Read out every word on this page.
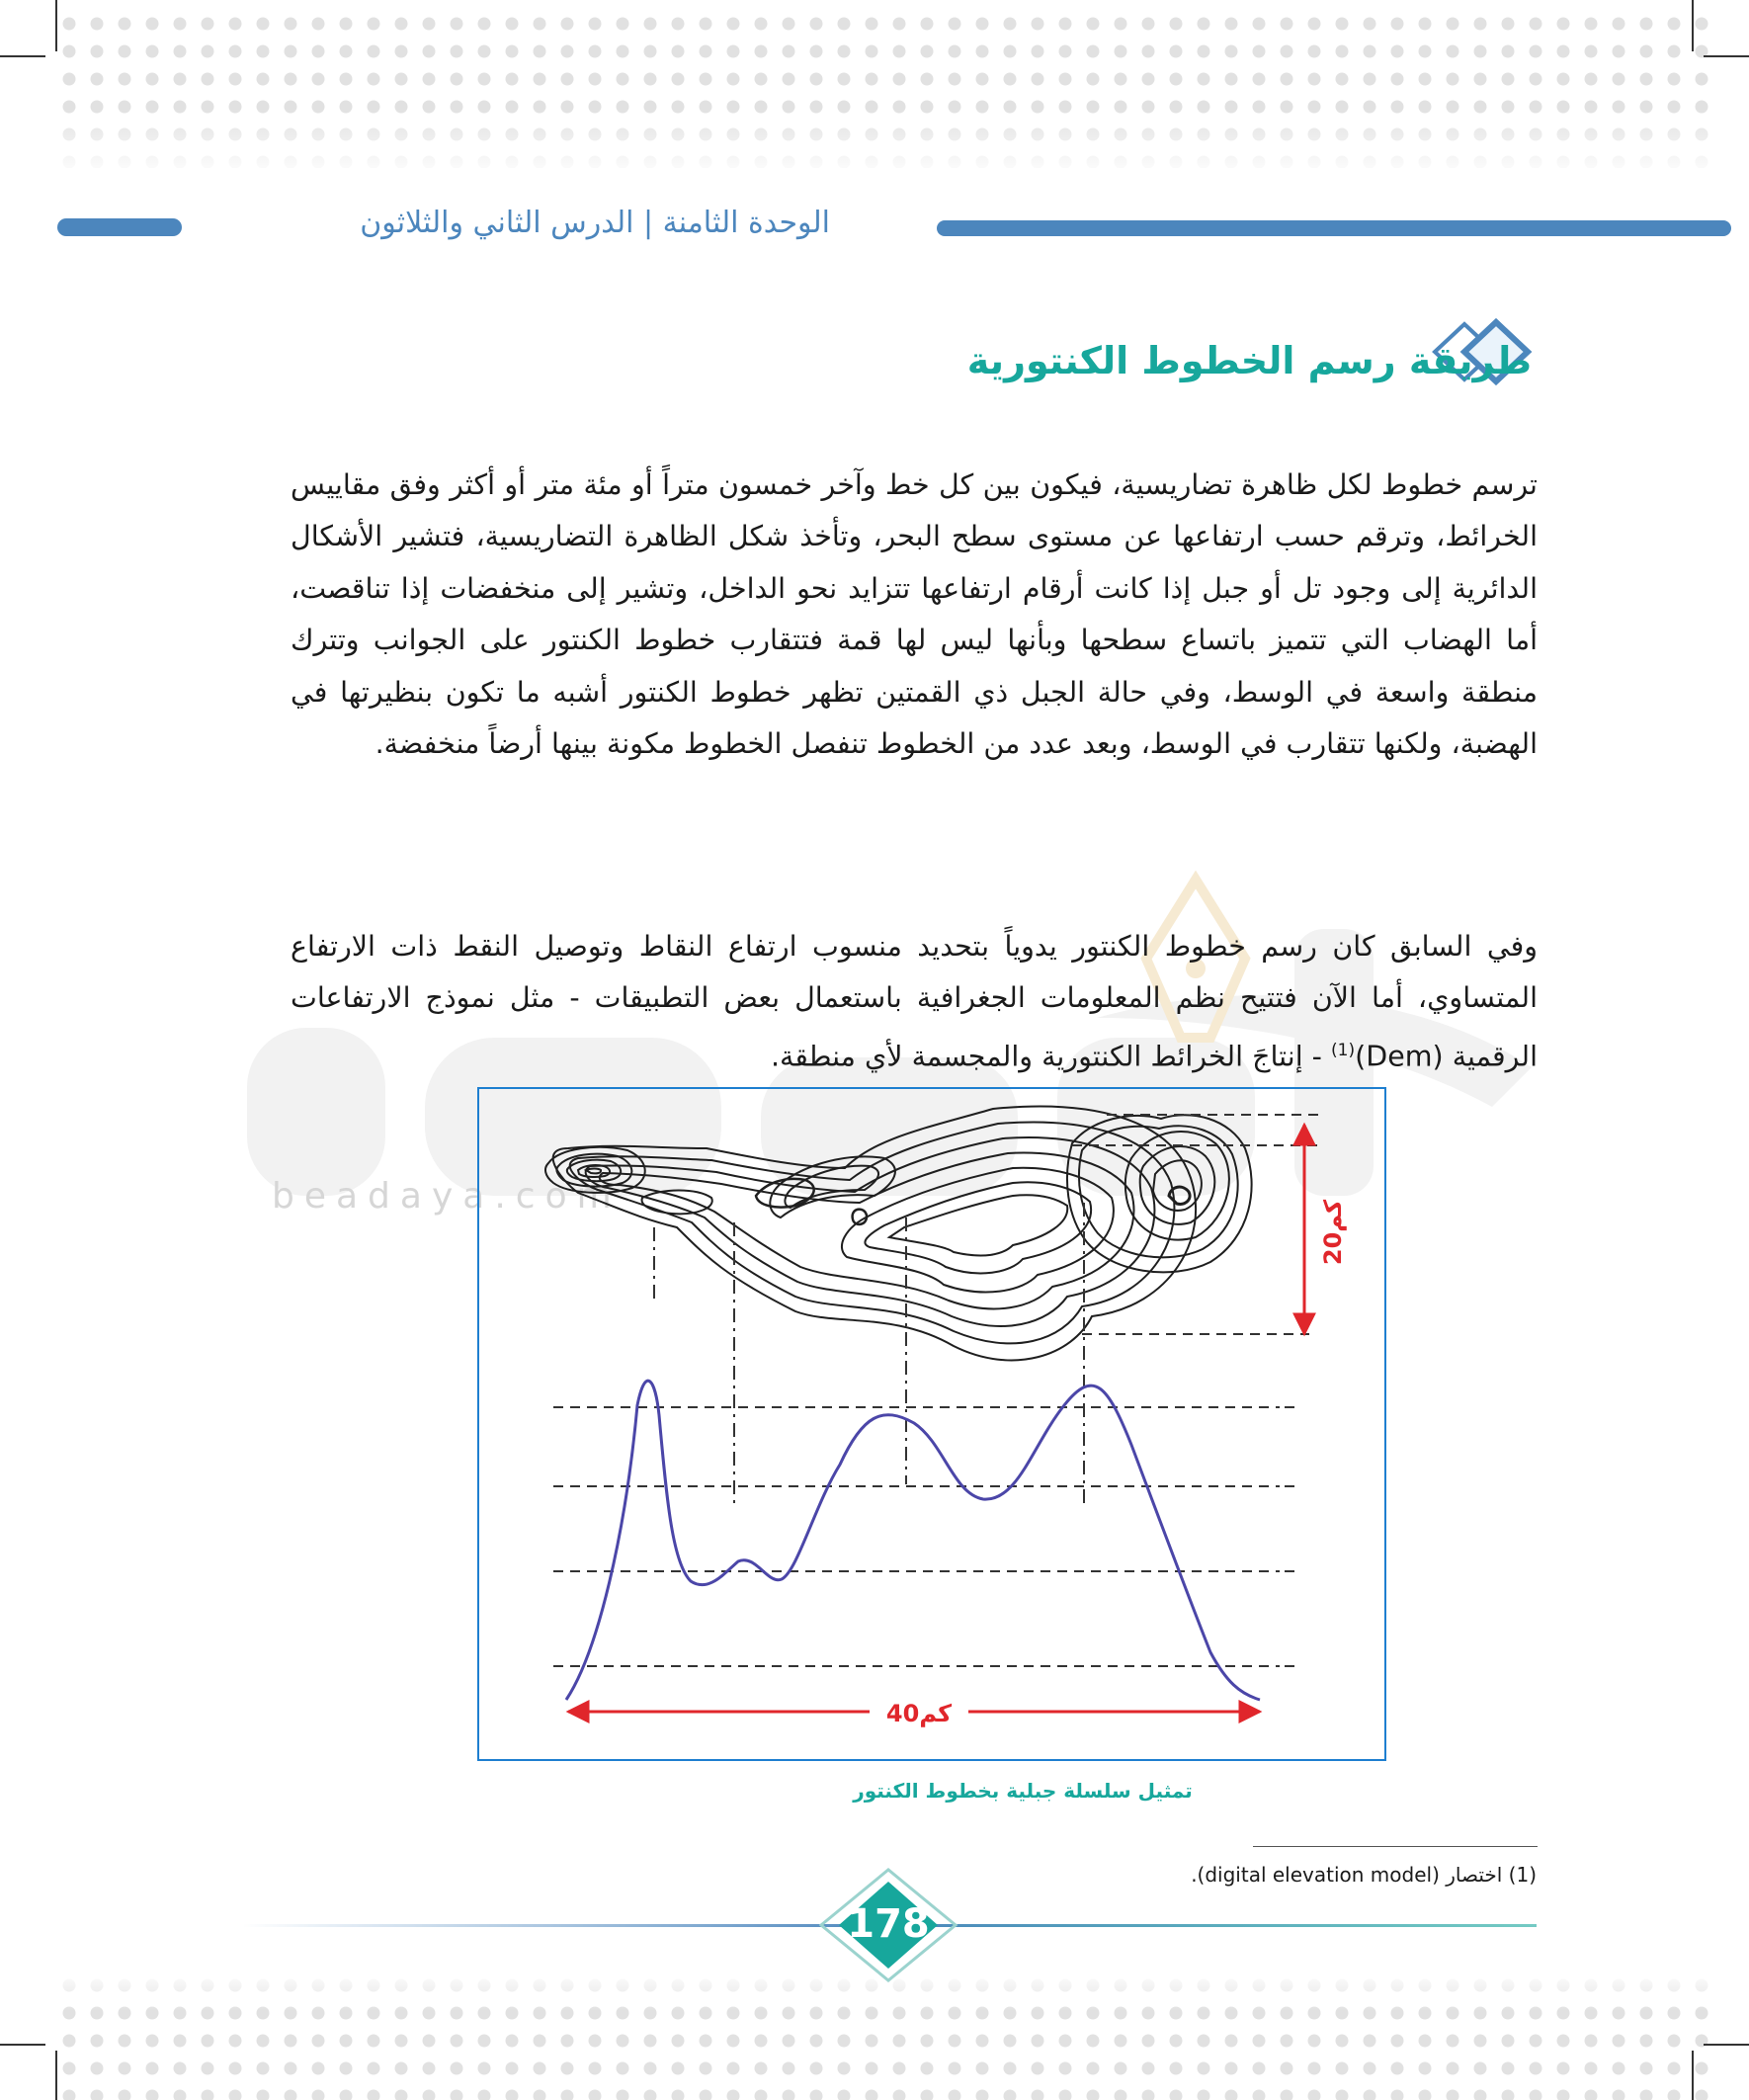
الوحدة الثامنة | الدرس الثاني والثلاثون
beadaya.com
طريقة رسم الخطوط الكنتورية

ترسم خطوط لكل ظاهرة تضاريسية، فيكون بين كل خط وآخر خمسون متراً أو مئة متر أو أكثر وفق مقاييس الخرائط، وترقم حسب ارتفاعها عن مستوى سطح البحر، وتأخذ شكل الظاهرة التضاريسية، فتشير الأشكال الدائرية إلى وجود تل أو جبل إذا كانت أرقام ارتفاعها تتزايد نحو الداخل، وتشير إلى منخفضات إذا تناقصت، أما الهضاب التي تتميز باتساع سطحها وبأنها ليس لها قمة فتتقارب خطوط الكنتور على الجوانب وتترك منطقة واسعة في الوسط، وفي حالة الجبل ذي القمتين تظهر خطوط الكنتور أشبه ما تكون بنظيرتها في الهضبة، ولكنها تتقارب في الوسط، وبعد عدد من الخطوط تنفصل الخطوط مكونة بينها أرضاً منخفضة.

وفي السابق كان رسم خطوط الكنتور يدوياً بتحديد منسوب ارتفاع النقاط وتوصيل النقط ذات الارتفاع المتساوي، أما الآن فتتيح نظم المعلومات الجغرافية باستعمال بعض التطبيقات - مثل نموذج الارتفاعات الرقمية (Dem)$^{(1)}$ - إنتاجَ الخرائط الكنتورية والمجسمة لأي منطقة.

20كم
40كم
تمثيل سلسلة جبلية بخطوط الكنتور
(1) اختصار (digital elevation model).
178
